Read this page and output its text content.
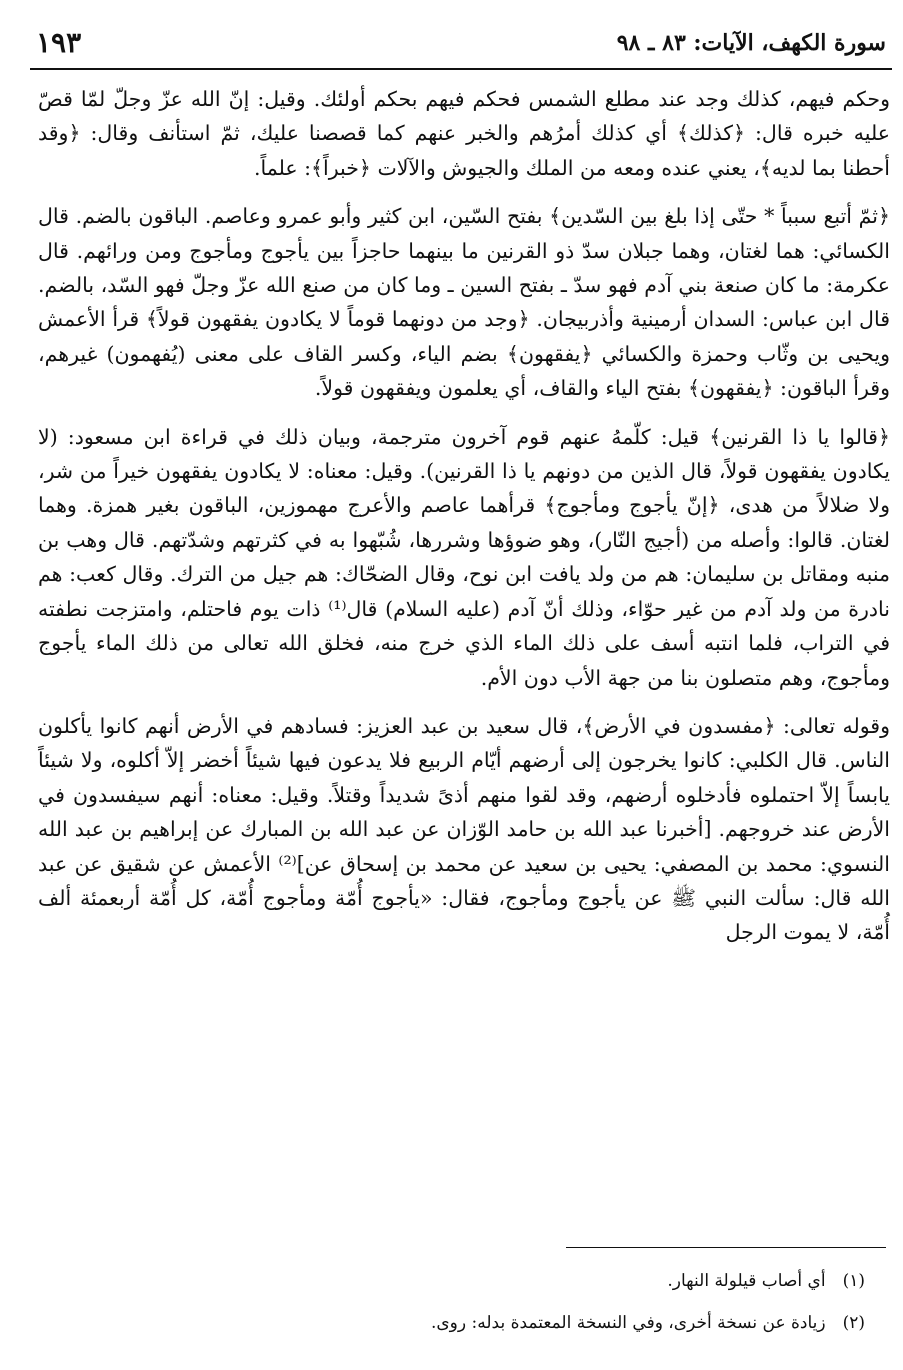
سورة الكهف، الآيات: ٨٣ ـ ٩٨
١٩٣

وحكم فيهم، كذلك وجد عند مطلع الشمس فحكم فيهم بحكم أولئك. وقيل: إنّ الله عزّ وجلّ لمّا قصّ عليه خبره قال: ﴿كذلك﴾ أي كذلك أمرُهم والخبر عنهم كما قصصنا عليك، ثمّ استأنف وقال: ﴿وقد أحطنا بما لديه﴾، يعني عنده ومعه من الملك والجيوش والآلات ﴿خبراً﴾: علماً.

﴿ثمّ أتبع سبباً * حتّى إذا بلغ بين السّدين﴾ بفتح السّين، ابن كثير وأبو عمرو وعاصم. الباقون بالضم. قال الكسائي: هما لغتان، وهما جبلان سدّ ذو القرنين ما بينهما حاجزاً بين يأجوج ومأجوج ومن ورائهم. قال عكرمة: ما كان صنعة بني آدم فهو سدّ ـ بفتح السين ـ وما كان من صنع الله عزّ وجلّ فهو السّد، بالضم. قال ابن عباس: السدان أرمينية وأذربيجان. ﴿وجد من دونهما قوماً لا يكادون يفقهون قولاً﴾ قرأ الأعمش ويحيى بن وثّاب وحمزة والكسائي ﴿يفقهون﴾ بضم الياء، وكسر القاف على معنى (يُفهمون) غيرهم، وقرأ الباقون: ﴿يفقهون﴾ بفتح الياء والقاف، أي يعلمون ويفقهون قولاً.

﴿قالوا يا ذا القرنين﴾ قيل: كلّمهُ عنهم قوم آخرون مترجمة، وبيان ذلك في قراءة ابن مسعود: (لا يكادون يفقهون قولاً، قال الذين من دونهم يا ذا القرنين). وقيل: معناه: لا يكادون يفقهون خيراً من شر، ولا ضلالاً من هدى، ﴿إنّ يأجوج ومأجوج﴾ قرأهما عاصم والأعرج مهموزين، الباقون بغير همزة. وهما لغتان. قالوا: وأصله من (أجيج النّار)، وهو ضوؤها وشررها، شُبّهوا به في كثرتهم وشدّتهم. قال وهب بن منبه ومقاتل بن سليمان: هم من ولد يافت ابن نوح، وقال الضحّاك: هم جيل من الترك. وقال كعب: هم نادرة من ولد آدم من غير حوّاء، وذلك أنّ آدم (عليه السلام) قال⁽¹⁾ ذات يوم فاحتلم، وامتزجت نطفته في التراب، فلما انتبه أسف على ذلك الماء الذي خرج منه، فخلق الله تعالى من ذلك الماء يأجوج ومأجوج، وهم متصلون بنا من جهة الأب دون الأم.

وقوله تعالى: ﴿مفسدون في الأرض﴾، قال سعيد بن عبد العزيز: فسادهم في الأرض أنهم كانوا يأكلون الناس. قال الكلبي: كانوا يخرجون إلى أرضهم أيّام الربيع فلا يدعون فيها شيئاً أخضر إلاّ أكلوه، ولا شيئاً يابساً إلاّ احتملوه فأدخلوه أرضهم، وقد لقوا منهم أذىً شديداً وقتلاً. وقيل: معناه: أنهم سيفسدون في الأرض عند خروجهم. [أخبرنا عبد الله بن حامد الوّزان عن عبد الله بن المبارك عن إبراهيم بن عبد الله النسوي: محمد بن المصفي: يحيى بن سعيد عن محمد بن إسحاق عن]⁽²⁾ الأعمش عن شقيق عن عبد الله قال: سألت النبي ﷺ عن يأجوج ومأجوج، فقال: «يأجوج أُمّة ومأجوج أُمّة، كل أُمّة أربعمئة ألف أُمّة، لا يموت الرجل

(١) أي أصاب قيلولة النهار.

(٢) زيادة عن نسخة أخرى، وفي النسخة المعتمدة بدله: روى.
